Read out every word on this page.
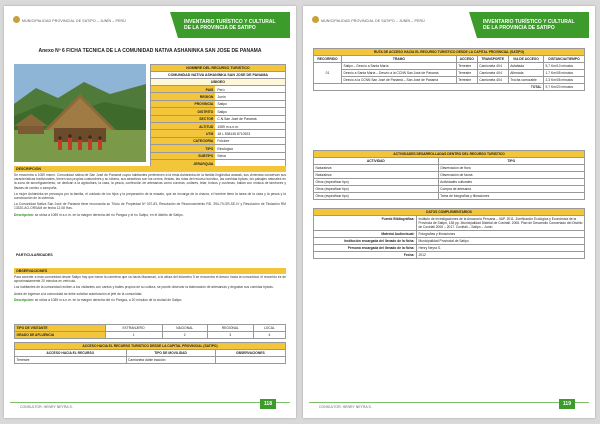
MUNICIPALIDAD PROVINCIAL DE SATIPO – JUNÍN – PERÚ	INVENTARIO TURÍSTICO Y CULTURAL
DE LA PROVINCIA DE SATIPO
Anexo Nº 6 FICHA TECNICA DE LA COMUNIDAD NATIVA ASHANINKA SAN JOSE DE PANAMA
NOMBRE DEL RECURSO TURISTICO
COMUNIDAD NATIVA ASHANINKA SAN JOSE DE PANAMA
UBIGEO
PAIS	Perú
REGION	Junín
PROVINCIA	Satipo
DISTRITO	Satipo
SECTOR	C.N.San José de Panamá
ALTITUD	1089 m.s.n.m.
UTM	18 L 538145 8710923
CATEGORIA	Folclore
TIPO	Etnológico
SUBTIPO	Selva
JERARQUIA
DESCRIPCION

Se encuentra a 1089 msnm. Comunidad nativa de San José de Panamá cuyos habitantes pertenecen a la etnia Asháninka de la familia lingüística arawak, sus viviendas conservan sus características tradicionales, tienen sus propias costumbres y su idioma, sus atractivos son los cerros, fiestas, las rutas del recurso turístico, las comidas típicas, los paisajes naturales en la zona de amortiguamiento, se dedican a la agricultura, la caza, la pesca, confección de artesanías como coronas, collares, telar, bolsos y cushmas, bailan con música de tambores y flautas de carrizo o zampoña.

La mujer Asháninka se preocupa por la familia, el cuidado de los hijos y la preparación de la masato, que se encarga de la chacra, el hombre tiene la tarea de la caza y la pesca y la construcción de la vivienda.

La Comunidad Nativa San José de Panamá tiene reconocida su Título de Propiedad Nº 037-83, Resolución de Reconocimiento RD. 394-79-OR-SE-IV y Resolución de Titulación RM 13320-AG-ORSAM de fecha 12.08 Has.

Descripción: se ubica a 1089 m.s.n.m. en la margen derecha del río Pangoa y el río Satipo, en el distrito de Satipo.

PARTICULARIDADES
OBSERVACIONES

Para acceder a esta comunidad desde Satipo hay que tomar la carretera que va hacia Mazamari, a la altura del kilómetro 5 se encuentra el desvío hacia la comunidad, el recorrido es de aproximadamente 20 minutos en vehículo.

Los habitantes de la comunidad reciben a los visitantes con cantos y bailes propios de su cultura, se puede observar la elaboración de artesanías y degustar sus comidas típicas.

Antes de ingresar a la comunidad se debe solicitar autorización al jefe de la comunidad.

Descripción: se ubica a 1089 m.s.n.m. en la margen derecha del río Pangoa, a 20 minutos de la ciudad de Satipo.

TIPO DE VISITANTE	EXTRANJERO	NACIONAL	REGIONAL	LOCAL
GRADO DE AFLUENCIA	1	2	3	4
ACCESO HACIA EL RECURSO TURISTICO DESDE LA CAPITAL PROVINCIAL (SATIPO)		
ACCESO HACIA EL RECURSO	TIPO DE MOVILIDAD	OBSERVACIONES
Terrestre	Camioneta doble tracción	
CONSULTOR: HENRY NEYRA S.	118
MUNICIPALIDAD PROVINCIAL DE SATIPO – JUNÍN – PERÚ	INVENTARIO TURÍSTICO Y CULTURAL
DE LA PROVINCIA DE SATIPO
RUTA DE ACCESO HACIA EL RECURSO TURISTICO DESDE LA CAPITAL PROVINCIAL (SATIPO)					
RECORRIDO	TRAMO	ACCESO	TRANSPORTE	VIA DE ACCESO	DISTANCIA/TIEMPO
01	Satipo – Desvío a Santa María	Terrestre	Camioneta 4X4	Asfaltada	5,7 Km/10 minutos
	Desvío a Santa María – Desvío a la CCNN San José de Panamá	Terrestre	Camioneta 4X4	Afirmada	1,7 Km/05 minutos
	Desvío a la CCNN San José de Panamá – San José de Panamá	Terrestre	Camioneta 4X4	Trocha carrozable	2,3 Km/05 minutos
TOTAL					9,7 Km/20 minutos
ACTIVIDADES DESARROLLADAS DENTRO DEL RECURSO TURISTICO	
ACTIVIDAD	TIPO
Naturaleza	Observación de flora
Naturaleza	Observación de fauna
Otros (especificar tipo)	Actividades culturales
Otros (especificar tipo)	Compra de artesanía
Otros (especificar tipo)	Toma de fotografías y filmaciones
DATOS COMPLEMENTARIOS	
Fuente Bibliográfica:	Instituto de Investigaciones de la Amazonía Peruana – IIAP. 2011. Zonificación Ecológica y Económica de la Provincia de Satipo, 138 pp. Municipalidad Distrital de Coviriali. 2006. Plan de Desarrollo Concertado del Distrito de Coviriali 2006 – 2017. Coviriali – Satipo – Junín.
Material Audiovisual:	Fotografías y filmaciones
Institución encargada del llenado de la ficha:	Municipalidad Provincial de Satipo
Persona encargada del llenado de la ficha:	Henry Neyra S.
Fecha:	2012
CONSULTOR: HENRY NEYRA S.	119
